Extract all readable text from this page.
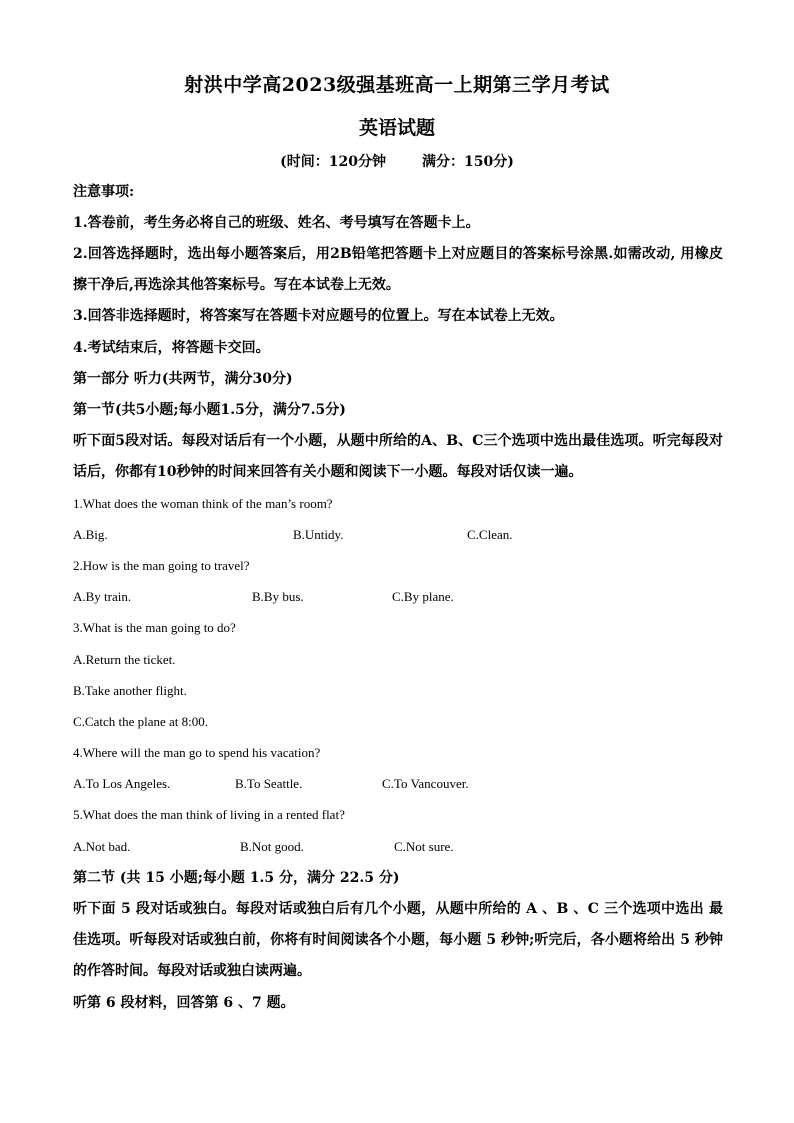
射洪中学高2023级强基班高一上期第三学月考试
英语试题
(时间：120分钟	满分：150分)
注意事项:
1.答卷前，考生务必将自己的班级、姓名、考号填写在答题卡上。
2.回答选择题时，选出每小题答案后，用2B铅笔把答题卡上对应题目的答案标号涂黑.如需改动, 用橡皮擦干净后,再选涂其他答案标号。写在本试卷上无效。
3.回答非选择题时，将答案写在答题卡对应题号的位置上。写在本试卷上无效。
4.考试结束后，将答题卡交回。
第一部分 听力(共两节，满分30分)
第一节(共5小题;每小题1.5分，满分7.5分)
听下面5段对话。每段对话后有一个小题，从题中所给的A、B、C三个选项中选出最佳选项。听完每段对话后，你都有10秒钟的时间来回答有关小题和阅读下一小题。每段对话仅读一遍。
1.What does the woman think of the man’s room?
A.Big.	B.Untidy.	C.Clean.
2.How is the man going to travel?
A.By train.	B.By bus.	C.By plane.
3.What is the man going to do?
A.Return the ticket.
B.Take another flight.
C.Catch the plane at 8:00.
4.Where will the man go to spend his vacation?
A.To Los Angeles.	B.To Seattle.	C.To Vancouver.
5.What does the man think of living in a rented flat?
A.Not bad.	B.Not good.	C.Not sure.
第二节 (共 15 小题;每小题 1.5 分，满分 22.5 分)
听下面 5 段对话或独白。每段对话或独白后有几个小题，从题中所给的 A 、B 、C 三个选项中选出 最佳选项。听每段对话或独白前，你将有时间阅读各个小题，每小题 5 秒钟;听完后，各小题将给出 5 秒钟的作答时间。每段对话或独白读两遍。
听第 6 段材料，回答第 6 、7 题。
